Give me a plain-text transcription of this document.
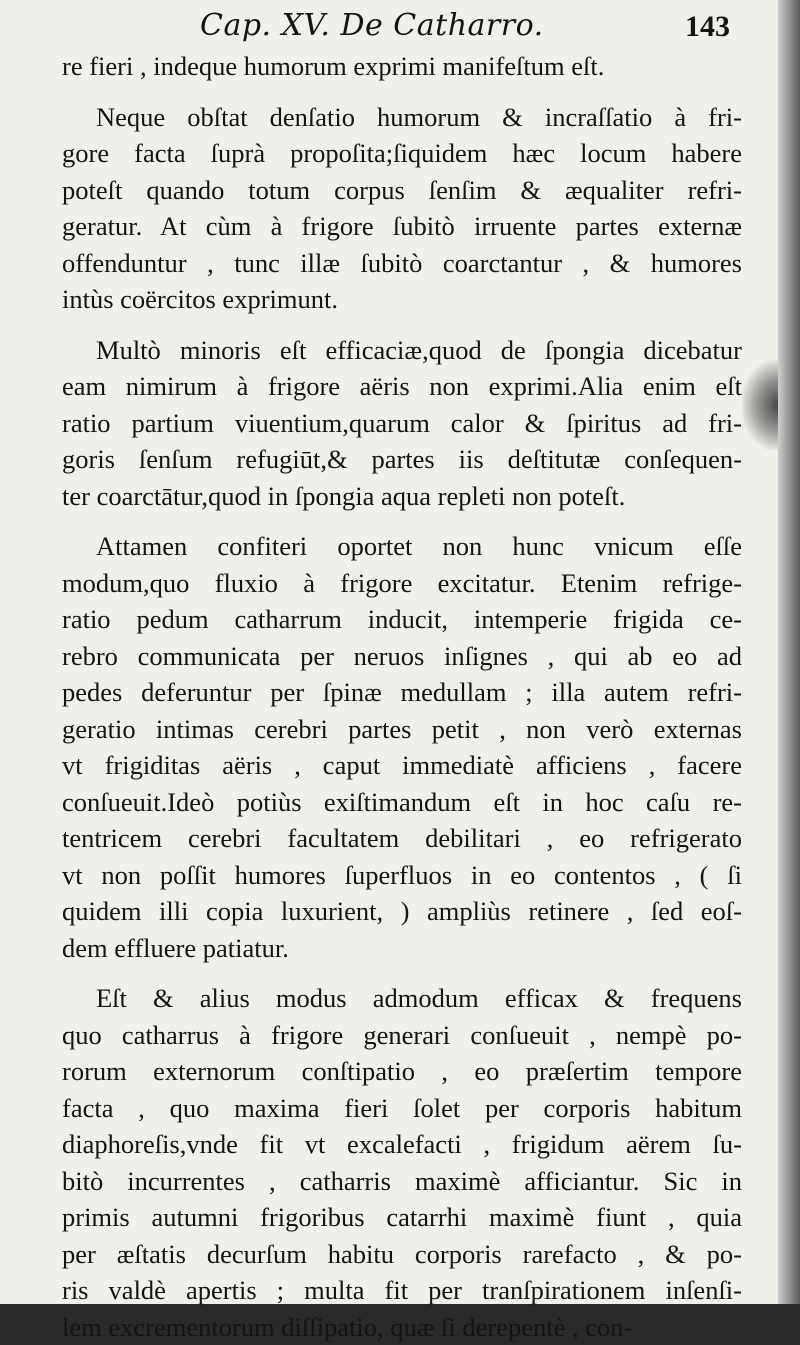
Cap. XV. De Catharro.	143
re fieri , indeque humorum exprimi manifeſtum eſt.
Neque obſtat denſatio humorum & incraſſatio à fri-
gore facta ſuprà propoſita;ſiquidem hæc locum habere
poteſt quando totum corpus ſenſim & æqualiter refri-
geratur. At cùm à frigore ſubitò irruente partes externæ
offenduntur , tunc illæ ſubitò coarctantur , & humores
intùs coërcitos exprimunt.
Multò minoris eſt efficaciæ,quod de ſpongia dicebatur
eam nimirum à frigore aëris non exprimi.Alia enim eſt
ratio partium viuentium,quarum calor & ſpiritus ad fri-
goris ſenſum refugiūt,& partes iis deſtitutæ conſequen-
ter coarctātur,quod in ſpongia aqua repleti non poteſt.
Attamen confiteri oportet non hunc vnicum eſſe
modum,quo fluxio à frigore excitatur. Etenim refrige-
ratio pedum catharrum inducit, intemperie frigida ce-
rebro communicata per neruos inſignes , qui ab eo ad
pedes deferuntur per ſpinæ medullam ; illa autem refri-
geratio intimas cerebri partes petit , non verò externas
vt frigiditas aëris , caput immediatè afficiens , facere
conſueuit.Ideò potiùs exiſtimandum eſt in hoc caſu re-
tentricem cerebri facultatem debilitari , eo refrigerato
vt non poſſit humores ſuperfluos in eo contentos , ( ſi
quidem illi copia luxurient, ) ampliùs retinere , ſed eoſ-
dem effluere patiatur.
Eſt & alius modus admodum efficax & frequens
quo catharrus à frigore generari conſueuit , nempè po-
rorum externorum conſtipatio , eo præſertim tempore
facta , quo maxima fieri ſolet per corporis habitum
diaphoreſis,vnde fit vt excalefacti , frigidum aërem ſu-
bitò incurrentes , catharris maximè afficiantur. Sic in
primis autumni frigoribus catarrhi maximè fiunt , quia
per æſtatis decurſum habitu corporis rarefacto , & po-
ris valdè apertis ; multa fit per tranſpirationem inſenſi-
lem excrementorum diſſipatio, quæ ſi derepentè , con-
